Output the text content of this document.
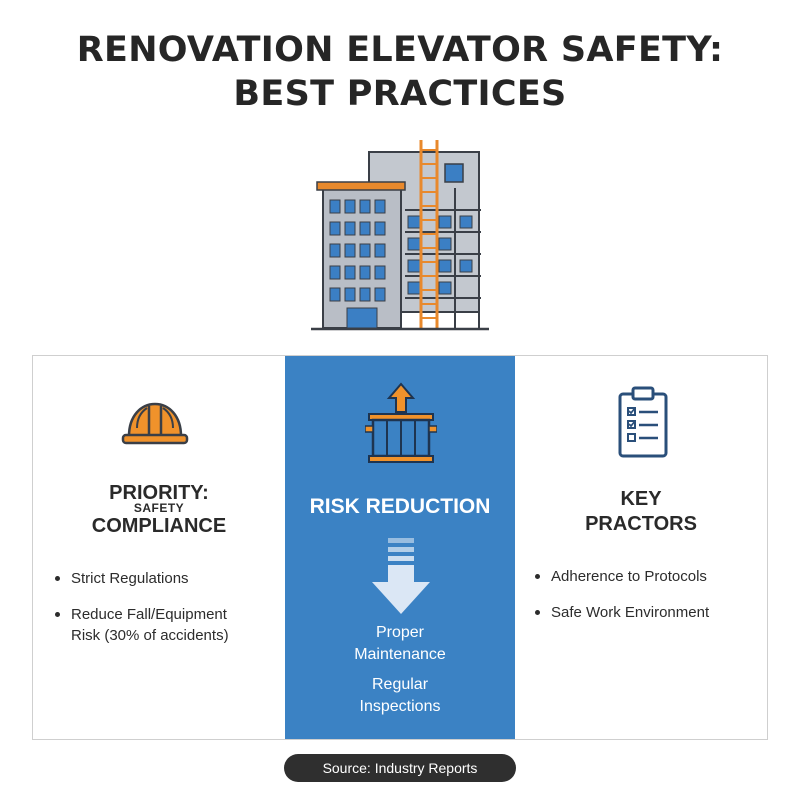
RENOVATION ELEVATOR SAFETY:
BEST PRACTICES
PRIORITY:
SAFETY
COMPLIANCE
Strict Regulations
Reduce Fall/Equipment
Risk (30% of accidents)
RISK REDUCTION
Proper
Maintenance
Regular
Inspections
KEY
PRACTORS
Adherence to Protocols
Safe Work Environment
Source: Industry Reports
